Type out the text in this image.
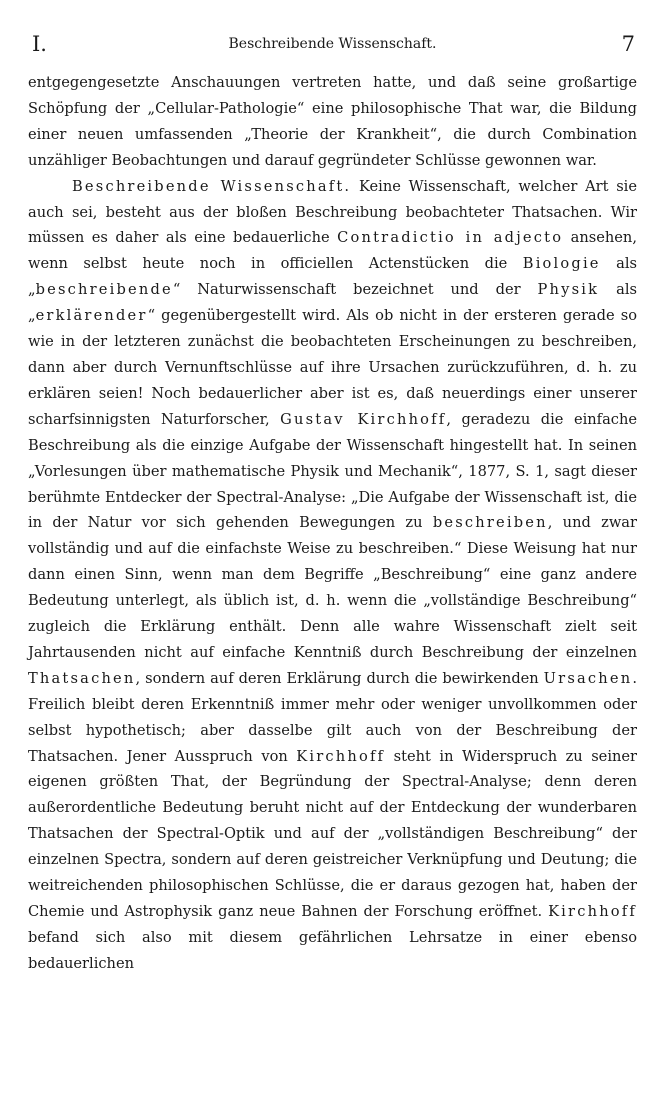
I.	Beschreibende Wissenschaft.	7

entgegengesetzte Anschauungen vertreten hatte, und daß seine großartige Schöpfung der „Cellular-Pathologie“ eine philosophische That war, die Bildung einer neuen umfassenden „Theorie der Krankheit“, die durch Combination unzähliger Beobachtungen und darauf gegründeter Schlüsse gewonnen war.

Beschreibende Wissenschaft. Keine Wissenschaft, welcher Art sie auch sei, besteht aus der bloßen Beschreibung beobachteter Thatsachen. Wir müssen es daher als eine bedauerliche Contradictio in adjecto ansehen, wenn selbst heute noch in officiellen Actenstücken die Biologie als „beschreibende“ Naturwissenschaft bezeichnet und der Physik als „erklärender“ gegenübergestellt wird. Als ob nicht in der ersteren gerade so wie in der letzteren zunächst die beobachteten Erscheinungen zu beschreiben, dann aber durch Vernunftschlüsse auf ihre Ursachen zurückzuführen, d. h. zu erklären seien! Noch bedauerlicher aber ist es, daß neuerdings einer unserer scharfsinnigsten Naturforscher, Gustav Kirchhoff, geradezu die einfache Beschreibung als die einzige Aufgabe der Wissenschaft hingestellt hat. In seinen „Vorlesungen über mathematische Physik und Mechanik“, 1877, S. 1, sagt dieser berühmte Entdecker der Spectral-Analyse: „Die Aufgabe der Wissenschaft ist, die in der Natur vor sich gehenden Bewegungen zu beschreiben, und zwar vollständig und auf die einfachste Weise zu beschreiben.“ Diese Weisung hat nur dann einen Sinn, wenn man dem Begriffe „Beschreibung“ eine ganz andere Bedeutung unterlegt, als üblich ist, d. h. wenn die „vollständige Beschreibung“ zugleich die Erklärung enthält. Denn alle wahre Wissenschaft zielt seit Jahrtausenden nicht auf einfache Kenntniß durch Beschreibung der einzelnen Thatsachen, sondern auf deren Erklärung durch die bewirkenden Ursachen. Freilich bleibt deren Erkenntniß immer mehr oder weniger unvollkommen oder selbst hypothetisch; aber dasselbe gilt auch von der Beschreibung der Thatsachen. Jener Ausspruch von Kirchhoff steht in Widerspruch zu seiner eigenen größten That, der Begründung der Spectral-Analyse; denn deren außerordentliche Bedeutung beruht nicht auf der Entdeckung der wunderbaren Thatsachen der Spectral-Optik und auf der „vollständigen Beschreibung“ der einzelnen Spectra, sondern auf deren geistreicher Verknüpfung und Deutung; die weitreichenden philosophischen Schlüsse, die er daraus gezogen hat, haben der Chemie und Astrophysik ganz neue Bahnen der Forschung eröffnet. Kirchhoff befand sich also mit diesem gefährlichen Lehrsatze in einer ebenso bedauerlichen
